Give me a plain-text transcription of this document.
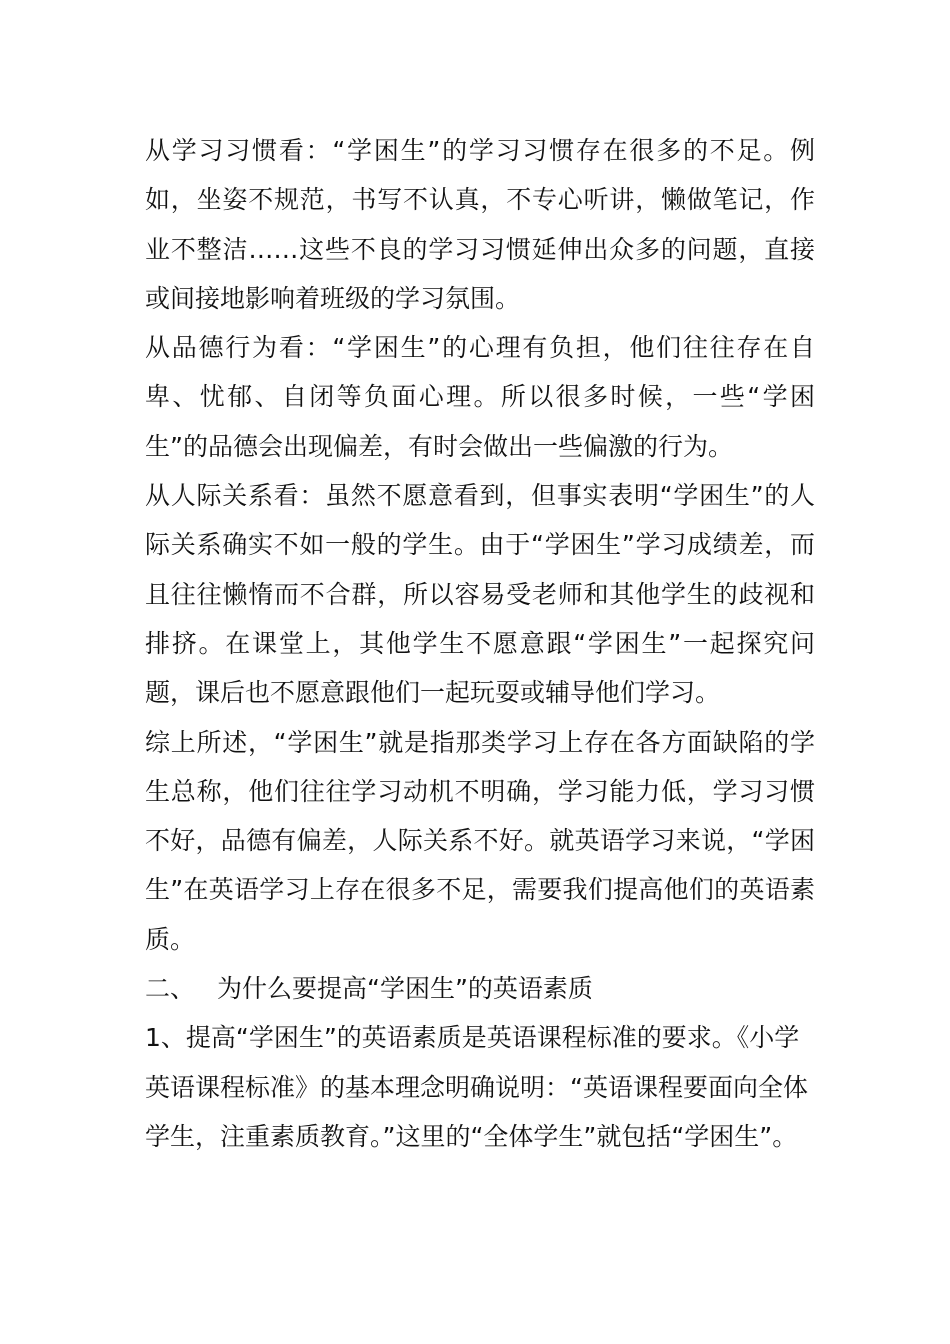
从学习习惯看：“学困生”的学习习惯存在很多的不足。例如，坐姿不规范，书写不认真，不专心听讲，懒做笔记，作业不整洁……这些不良的学习习惯延伸出众多的问题，直接或间接地影响着班级的学习氛围。

从品德行为看：“学困生”的心理有负担，他们往往存在自卑、忧郁、自闭等负面心理。所以很多时候，一些“学困生”的品德会出现偏差，有时会做出一些偏激的行为。

从人际关系看：虽然不愿意看到，但事实表明“学困生”的人际关系确实不如一般的学生。由于“学困生”学习成绩差，而且往往懒惰而不合群，所以容易受老师和其他学生的歧视和排挤。在课堂上，其他学生不愿意跟“学困生”一起探究问题，课后也不愿意跟他们一起玩耍或辅导他们学习。

综上所述，“学困生”就是指那类学习上存在各方面缺陷的学生总称，他们往往学习动机不明确，学习能力低，学习习惯不好，品德有偏差，人际关系不好。就英语学习来说，“学困生”在英语学习上存在很多不足，需要我们提高他们的英语素质。

二、 为什么要提高“学困生”的英语素质

1、提高“学困生”的英语素质是英语课程标准的要求。《小学英语课程标准》的基本理念明确说明：“英语课程要面向全体学生，注重素质教育。”这里的“全体学生”就包括“学困生”。
